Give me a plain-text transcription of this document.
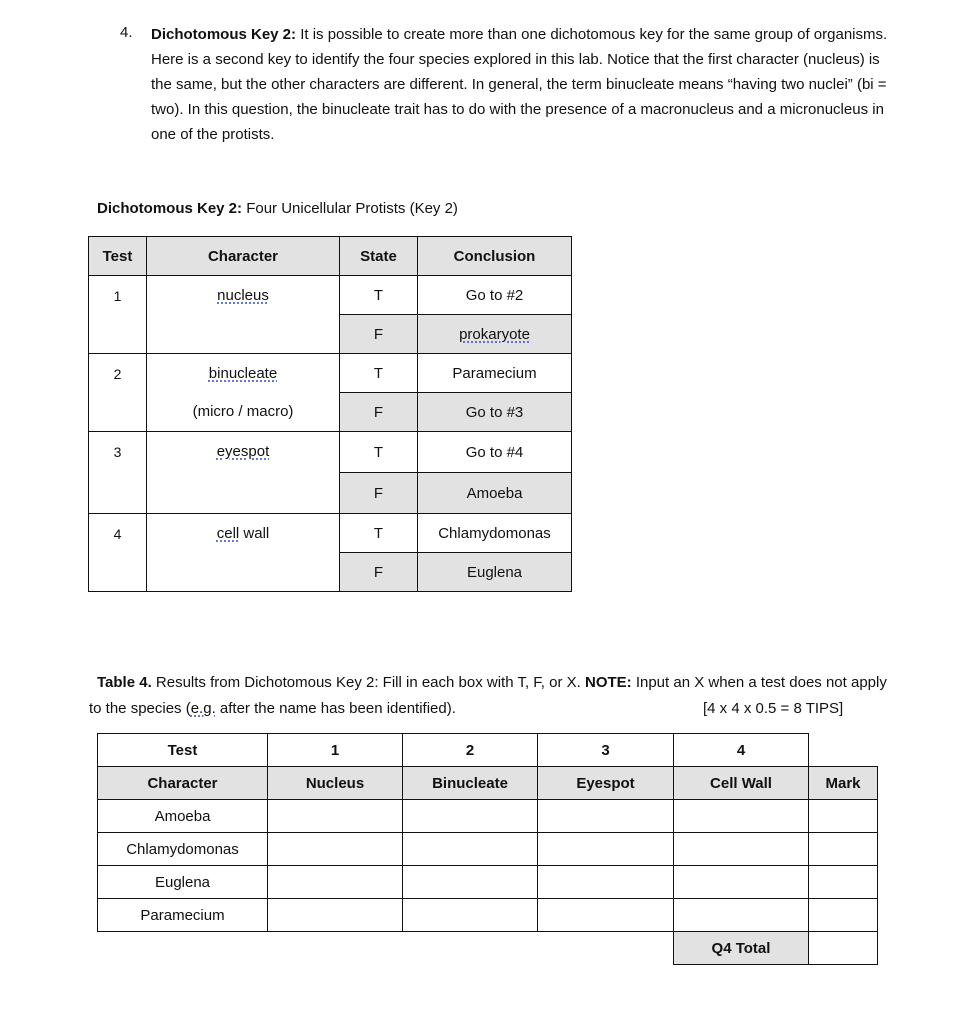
4. Dichotomous Key 2: It is possible to create more than one dichotomous key for the same group of organisms. Here is a second key to identify the four species explored in this lab. Notice that the first character (nucleus) is the same, but the other characters are different. In general, the term binucleate means “having two nuclei” (bi = two). In this question, the binucleate trait has to do with the presence of a macronucleus and a micronucleus in one of the protists.

Dichotomous Key 2: Four Unicellular Protists (Key 2)
Test	Character	State	Conclusion
1	nucleus	T	Go to #2
		F	prokaryote
2	binucleate	T	Paramecium
	(micro / macro)	F	Go to #3
3	eyespot	T	Go to #4
		F	Amoeba
4	cell wall	T	Chlamydomonas
		F	Euglena

Table 4. Results from Dichotomous Key 2: Fill in each box with T, F, or X. NOTE: Input an X when a test does not apply to the species (e.g. after the name has been identified).	[4 x 4 x 0.5 = 8 TIPS]

Test	1	2	3	4	
Character	Nucleus	Binucleate	Eyespot	Cell Wall	Mark
Amoeba					
Chlamydomonas					
Euglena					
Paramecium					
				Q4 Total	
